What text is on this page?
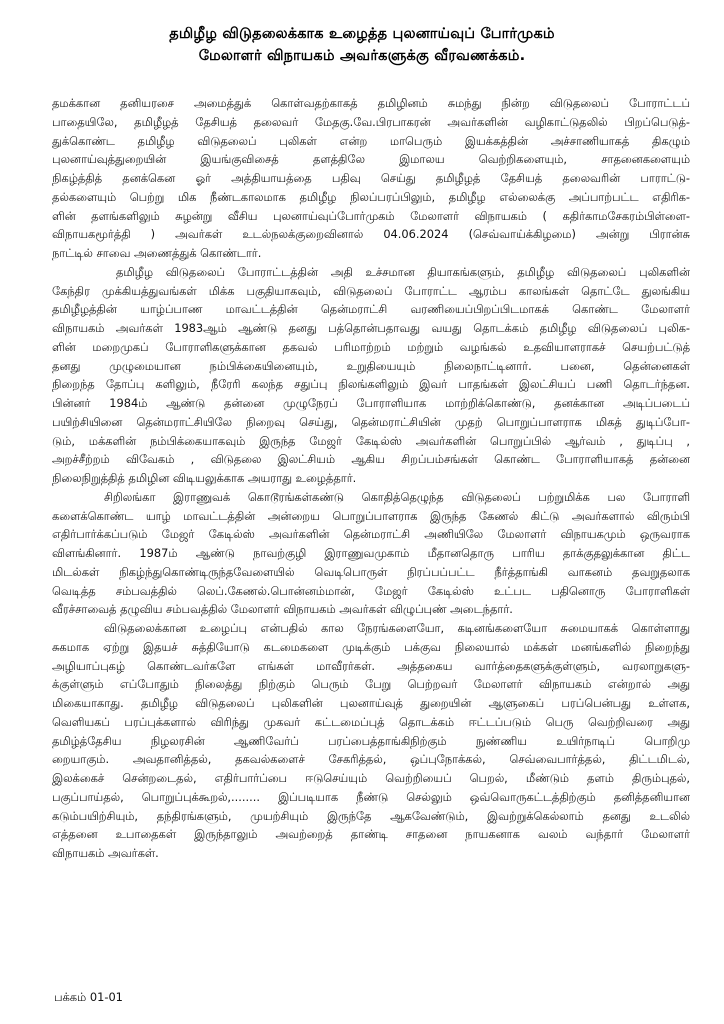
தமிழீழ விடுதலைக்காக உழைத்த புலனாய்வுப் போர்முகம்
மேலாளர் விநாயகம் அவர்களுக்கு வீரவணக்கம்.
தமக்கான தனியரசை அமைத்துக் கொள்வதற்காகத் தமிழினம் சுமந்து நின்ற விடுதலைப் போராட்டப்
பாதையிலே, தமிழீழத் தேசியத் தலைவர் மேதகு.வே.பிரபாகரன் அவர்களின் வழிகாட்டுதலில் பிறப்பெடுத்-
துக்கொண்ட தமிழீழ விடுதலைப் புலிகள் என்ற மாபெரும் இயக்கத்தின் அச்சாணியாகத் திகழும்
புலனாய்வுத்துறையின் இயங்குவிசைத் தளத்திலே இமாலய வெற்றிகளையும், சாதனைகளையும்
நிகழ்த்தித் தனக்கென ஓர் அத்தியாயத்தை பதிவு செய்து தமிழீழத் தேசியத் தலைவரின் பாராட்டு-
தல்களையும் பெற்று மிக நீண்டகாலமாக தமிழீழ நிலப்பரப்பிலும், தமிழீழ எல்லைக்கு அப்பாற்பட்ட எதிரிக-
ளின் தளங்களிலும் சுழன்று வீசிய புலனாய்வுப்போர்முகம் மேலாளர் விநாயகம் ( கதிர்காமசேகரம்பிள்ளை-
விநாயகமூர்த்தி ) அவர்கள் உடல்நலக்குறைவினால் 04.06.2024 (செவ்வாய்க்கிழமை) அன்று பிரான்சு
நாட்டில் சாவை அணைத்துக் கொண்டார்.
தமிழீழ விடுதலைப் போராட்டத்தின் அதி உச்சமான தியாகங்களும், தமிழீழ விடுதலைப் புலிகளின்
கேந்திர முக்கியத்துவங்கள் மிக்க பகுதியாகவும், விடுதலைப் போராட்ட ஆரம்ப காலங்கள் தொட்டே துலங்கிய
தமிழீழத்தின் யாழ்ப்பாண மாவட்டத்தின் தென்மராட்சி வரணியைப்பிறப்பிடமாகக் கொண்ட மேலாளர்
விநாயகம் அவர்கள் 1983ஆம் ஆண்டு தனது பத்தொன்பதாவது வயது தொடக்கம் தமிழீழ விடுதலைப் புலிக-
ளின் மறைமுகப் போராளிகளுக்கான தகவல் பரிமாற்றம் மற்றும் வழங்கல் உதவியாளராகச் செயற்பட்டுத்
தனது முழுமையான நம்பிக்கையினையும், உறுதியையும் நிலைநாட்டினார். பனை, தென்னைகள்
நிறைந்த தோப்பு களிலும், நீரேரி கலந்த சதுப்பு நிலங்களிலும் இவர் பாதங்கள் இலட்சியப் பணி தொடர்ந்தன.
பின்னர் 1984ம் ஆண்டு தன்னை முழுநேரப் போராளியாக மாற்றிக்கொண்டு, தனக்கான அடிப்படைப்
பயிற்சியினை தென்மராட்சியிலே நிறைவு செய்து, தென்மராட்சியின் முதற் பொறுப்பாளராக மிகத் துடிப்போ-
டும், மக்களின் நம்பிக்கையாகவும் இருந்த மேஜர் கேடில்ஸ் அவர்களின் பொறுப்பில் ஆர்வம் , துடிப்பு ,
அறச்சீற்றம் விவேகம் , விடுதலை இலட்சியம் ஆகிய சிறப்பம்சங்கள் கொண்ட போராளியாகத் தன்னை
நிலைநிறுத்தித் தமிழின விடியலுக்காக அயராது உழைத்தார்.
சிறிலங்கா இராணுவக் கொடூரங்கள்கண்டு கொதித்தெழுந்த விடுதலைப் பற்றுமிக்க பல போராளி
களைக்கொண்ட யாழ் மாவட்டத்தின் அன்றைய பொறுப்பாளராக இருந்த கேணல் கிட்டு அவர்களால் விரும்பி
எதிர்பார்க்கப்படும் மேஜர் கேடில்ஸ் அவர்களின் தென்மராட்சி அணியிலே மேலாளர் விநாயகமும் ஒருவராக
விளங்கினார். 1987ம் ஆண்டு நாவற்குழி இராணுவமுகாம் மீதானதொரு பாரிய தாக்குதலுக்கான திட்ட
மிடல்கள் நிகழ்ந்துகொண்டிருந்தவேளையில் வெடிபொருள் நிரப்பப்பட்ட நீர்த்தாங்கி வாகனம் தவறுதலாக
வெடித்த சம்பவத்தில் லெப்.கேணல்.பொன்னம்மான், மேஜர் கேடில்ஸ் உட்பட பதினொரு போராளிகள்
வீரச்சாவைத் தழுவிய சம்பவத்தில் மேலாளர் விநாயகம் அவர்கள் விழுப்புண் அடைந்தார்.
விடுதலைக்கான உழைப்பு என்பதில் கால நேரங்களையோ, கடினங்களையோ சுமையாகக் கொள்ளாது
சுகமாக ஏற்று இதயச் சுத்தியோடு கடமைகளை முடிக்கும் பக்குவ நிலையால் மக்கள் மனங்களில் நிறைந்து
அழியாப்புகழ் கொண்டவர்களே எங்கள் மாவீரர்கள். அத்தகைய வார்த்தைகளுக்குள்ளும், வரலாறுகளு-
க்குள்ளும் எப்போதும் நிலைத்து நிற்கும் பெரும் பேறு பெற்றவர் மேலாளர் விநாயகம் என்றால் அது
மிகையாகாது. தமிழீழ விடுதலைப் புலிகளின் புலனாய்வுத் துறையின் ஆளுகைப் பரப்பென்பது உள்ளக,
வெளியகப் பரப்புக்களால் விரிந்து முகவர் கட்டமைப்புத் தொடக்கம் ஈட்டப்படும் பெரு வெற்றிவரை அது
தமிழ்த்தேசிய நிழலரசின் ஆணிவேர்ப் பரப்பைத்தாங்கிநிற்கும் நுண்ணிய உயிர்நாடிப் பொறிமு
றையாகும். அவதானித்தல், தகவல்களைச் சேகரித்தல், ஒப்புநோக்கல், செவ்வைபார்த்தல், திட்டமிடல்,
இலக்கைச் சென்றடைதல், எதிர்பார்ப்பை ஈடுசெய்யும் வெற்றியைப் பெறல், மீண்டும் தளம் திரும்புதல்,
பகுப்பாய்தல், பொறுப்புக்கூறல்,........ இப்படியாக நீண்டு செல்லும் ஒவ்வொருகட்டத்திற்கும் தனித்தனியான
கடும்பயிற்சியும், தந்திரங்களும், முயற்சியும் இருந்தே ஆகவேண்டும், இவற்றுக்கெல்லாம் தனது உடலில்
எத்தனை உபாதைகள் இருந்தாலும் அவற்றைத் தாண்டி சாதனை நாயகனாக வலம் வந்தார் மேலாளர்
விநாயகம் அவர்கள்.
பக்கம் 01-01
